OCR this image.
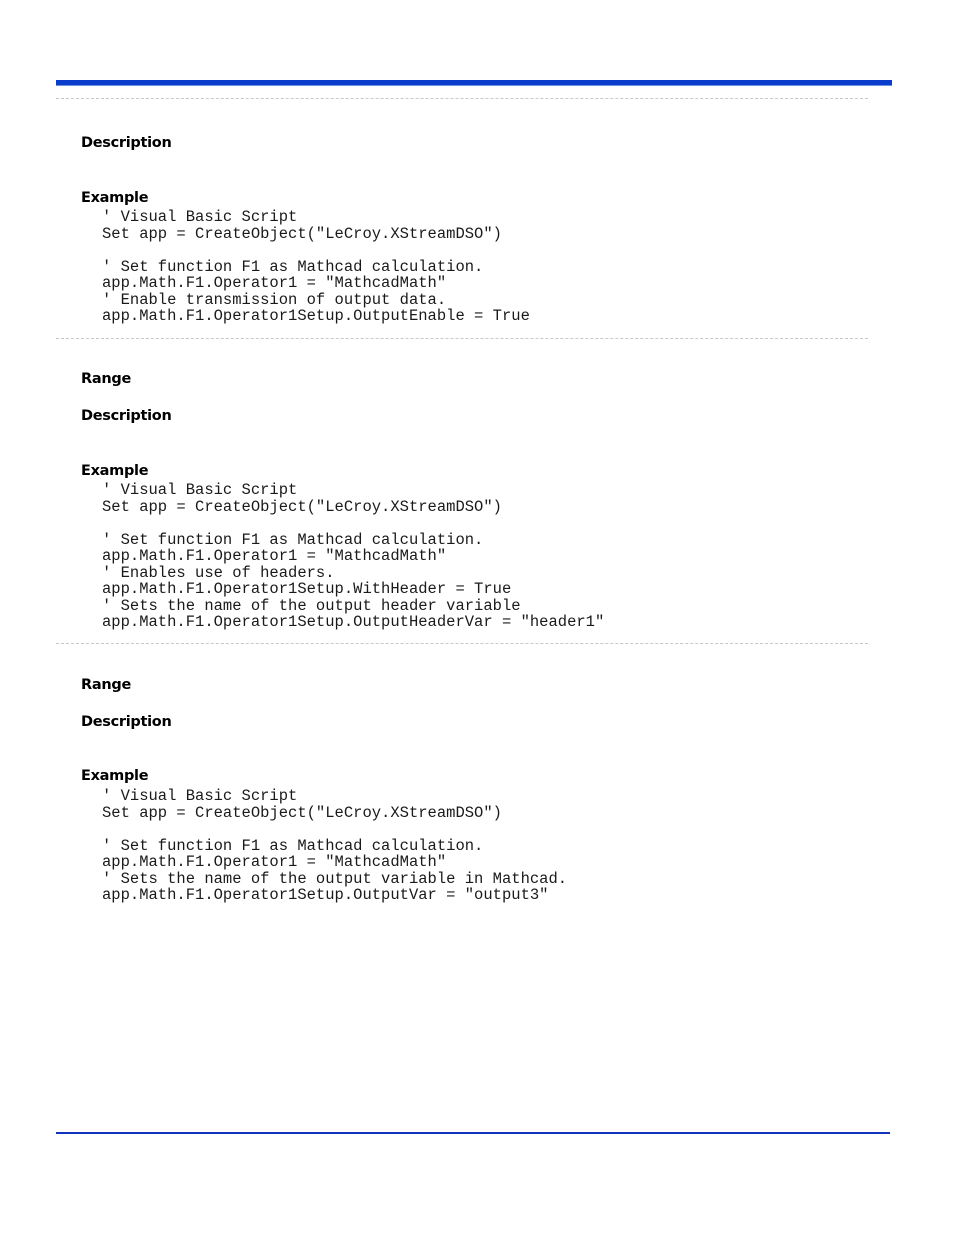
Description
Example
' Visual Basic Script
Set app = CreateObject("LeCroy.XStreamDSO")

' Set function F1 as Mathcad calculation.
app.Math.F1.Operator1 = "MathcadMath"
' Enable transmission of output data.
app.Math.F1.Operator1Setup.OutputEnable = True
Range
Description
Example
' Visual Basic Script
Set app = CreateObject("LeCroy.XStreamDSO")

' Set function F1 as Mathcad calculation.
app.Math.F1.Operator1 = "MathcadMath"
' Enables use of headers.
app.Math.F1.Operator1Setup.WithHeader = True
' Sets the name of the output header variable
app.Math.F1.Operator1Setup.OutputHeaderVar = "header1"
Range
Description
Example
' Visual Basic Script
Set app = CreateObject("LeCroy.XStreamDSO")

' Set function F1 as Mathcad calculation.
app.Math.F1.Operator1 = "MathcadMath"
' Sets the name of the output variable in Mathcad.
app.Math.F1.Operator1Setup.OutputVar = "output3"
